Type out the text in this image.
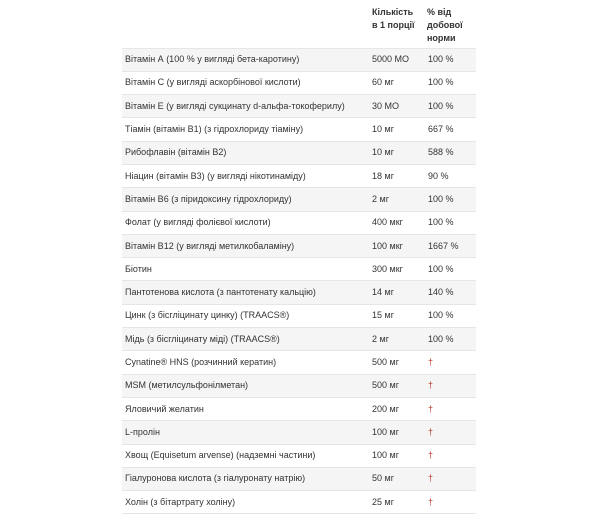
	Кількість
в 1 порції	% від
добової
норми
Вітамін А (100 % у вигляді бета-каротину)	5000 МО	100 %
Вітамін С (у вигляді аскорбінової кислоти)	60 мг	100 %
Вітамін Е (у вигляді сукцинату d-альфа-токоферилу)	30 МО	100 %
Тіамін (вітамін B1) (з гідрохлориду тіаміну)	10 мг	667 %
Рибофлавін (вітамін B2)	10 мг	588 %
Ніацин (вітамін B3) (у вигляді нікотинаміду)	18 мг	90 %
Вітамін B6 (з піридоксину гідрохлориду)	2 мг	100 %
Фолат (у вигляді фолієвої кислоти)	400 мкг	100 %
Вітамін B12 (у вигляді метилкобаламіну)	100 мкг	1667 %
Біотин	300 мкг	100 %
Пантотенова кислота (з пантотенату кальцію)	14 мг	140 %
Цинк (з бісгліцинату цинку) (TRAACS®)	15 мг	100 %
Мідь (з бісгліцинату міді) (TRAACS®)	2 мг	100 %
Cynatine® HNS (розчинний кератин)	500 мг	†
MSM (метилсульфонілметан)	500 мг	†
Яловичий желатин	200 мг	†
L-пролін	100 мг	†
Хвощ (Equisetum arvense) (надземні частини)	100 мг	†
Гіалуронова кислота (з гіалуронату натрію)	50 мг	†
Холін (з бітартрату холіну)	25 мг	†
